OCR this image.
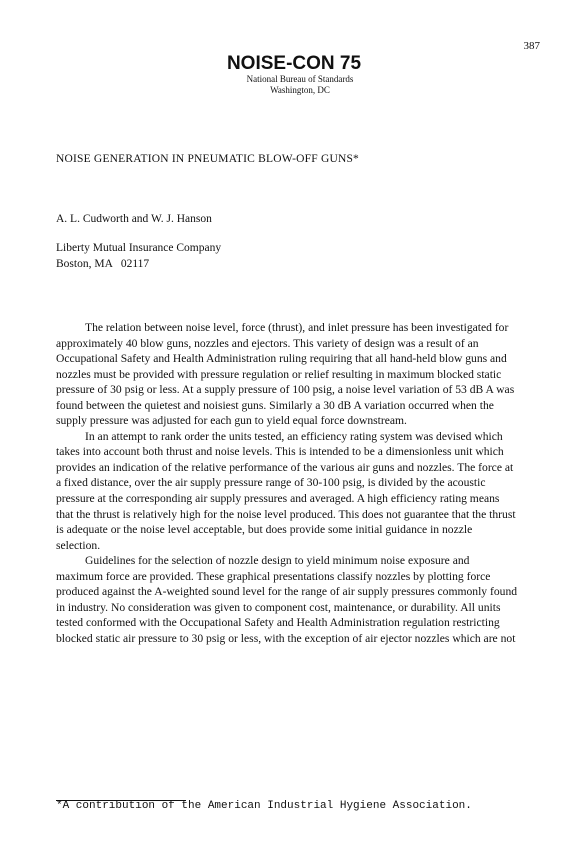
387
NOISE-CON 75
National Bureau of Standards
Washington, DC
NOISE GENERATION IN PNEUMATIC BLOW-OFF GUNS*
A. L. Cudworth and W. J. Hanson
Liberty Mutual Insurance Company
Boston, MA   02117

The relation between noise level, force (thrust), and inlet pressure has been investigated for approximately 40 blow guns, nozzles and ejectors. This variety of design was a result of an Occupational Safety and Health Administration ruling requiring that all hand-held blow guns and nozzles must be provided with pressure regulation or relief resulting in maximum blocked static pressure of 30 psig or less. At a supply pressure of 100 psig, a noise level variation of 53 dB A was found between the quietest and noisiest guns. Similarly a 30 dB A variation occurred when the supply pressure was adjusted for each gun to yield equal force downstream.

In an attempt to rank order the units tested, an efficiency rating system was devised which takes into account both thrust and noise levels. This is intended to be a dimensionless unit which provides an indication of the relative performance of the various air guns and nozzles. The force at a fixed distance, over the air supply pressure range of 30-100 psig, is divided by the acoustic pressure at the corresponding air supply pressures and averaged. A high efficiency rating means that the thrust is relatively high for the noise level produced. This does not guarantee that the thrust is adequate or the noise level acceptable, but does provide some initial guidance in nozzle selection.

Guidelines for the selection of nozzle design to yield minimum noise exposure and maximum force are provided. These graphical presentations classify nozzles by plotting force produced against the A-weighted sound level for the range of air supply pressures commonly found in industry. No consideration was given to component cost, maintenance, or durability. All units tested conformed with the Occupational Safety and Health Administration regulation restricting blocked static air pressure to 30 psig or less, with the exception of air ejector nozzles which are not

*A contribution of the American Industrial Hygiene Association.
